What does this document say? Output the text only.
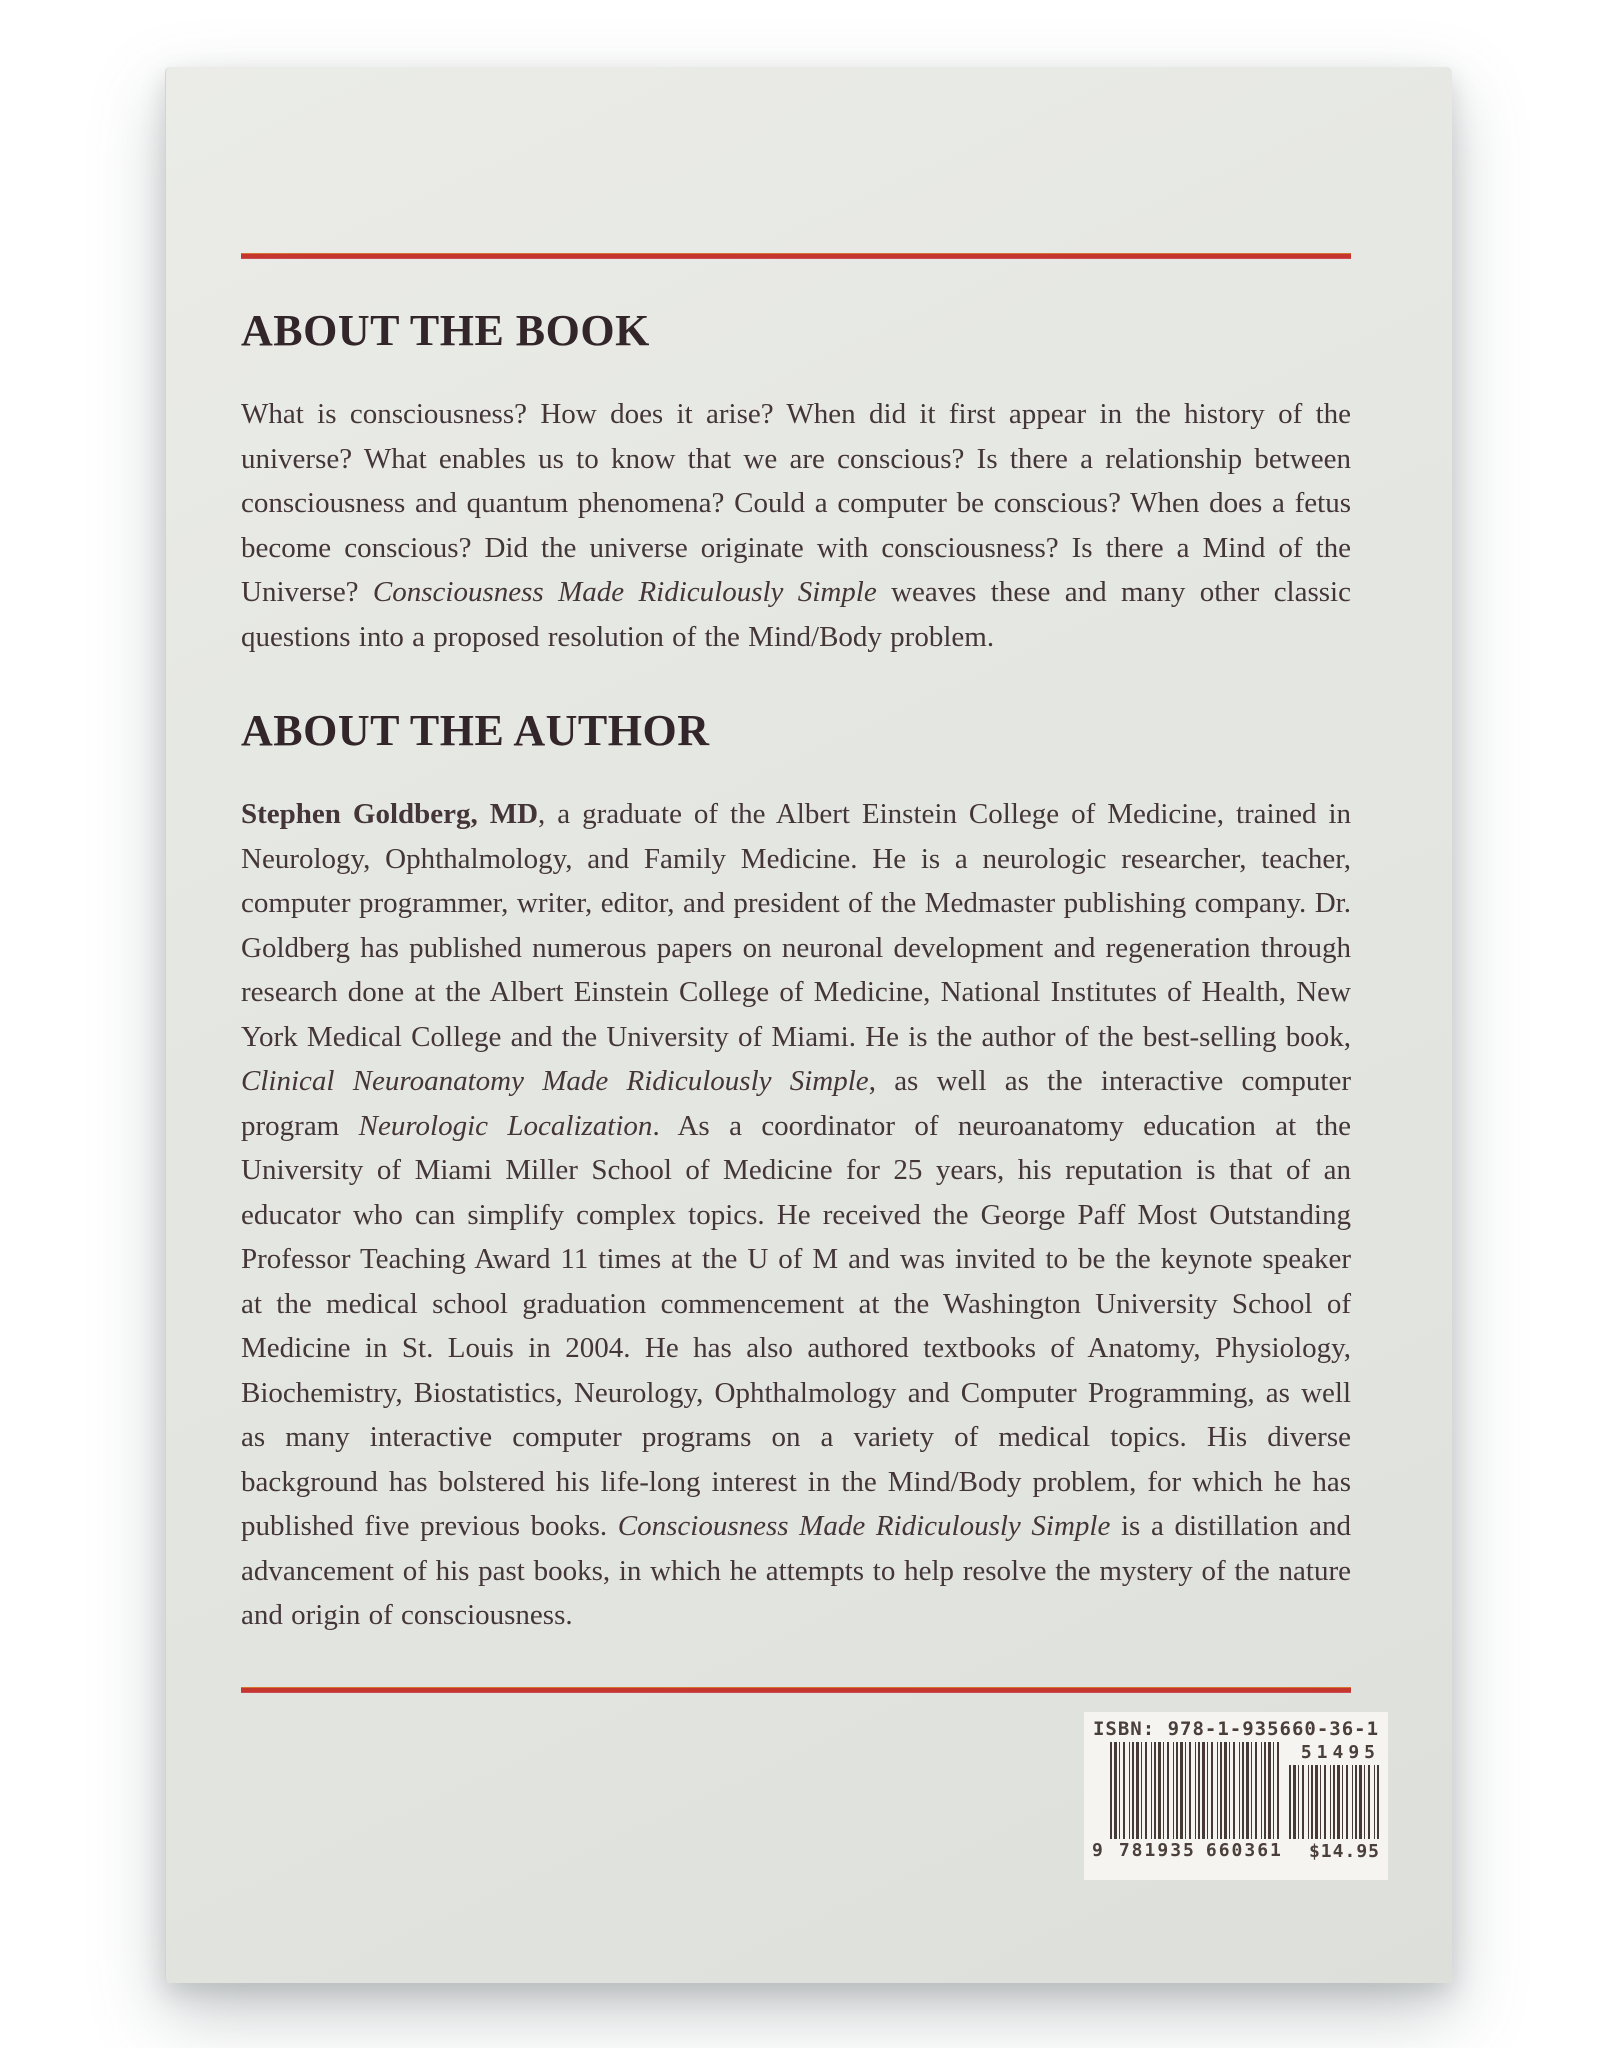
ABOUT THE BOOK

What is consciousness? How does it arise? When did it first appear in the history of the universe? What enables us to know that we are conscious? Is there a relationship between consciousness and quantum phenomena? Could a computer be conscious? When does a fetus become conscious? Did the universe originate with consciousness? Is there a Mind of the Universe? Consciousness Made Ridiculously Simple weaves these and many other classic questions into a proposed resolution of the Mind/Body problem.

ABOUT THE AUTHOR

Stephen Goldberg, MD, a graduate of the Albert Einstein College of Medicine, trained in Neurology, Ophthalmology, and Family Medicine. He is a neurologic researcher, teacher, computer programmer, writer, editor, and president of the Medmaster publishing company. Dr. Goldberg has published numerous papers on neuronal development and regeneration through research done at the Albert Einstein College of Medicine, National Institutes of Health, New York Medical College and the University of Miami. He is the author of the best-selling book, Clinical Neuroanatomy Made Ridiculously Simple, as well as the interactive computer program Neurologic Localization. As a coordinator of neuroanatomy education at the University of Miami Miller School of Medicine for 25 years, his reputation is that of an educator who can simplify complex topics. He received the George Paff Most Outstanding Professor Teaching Award 11 times at the U of M and was invited to be the keynote speaker at the medical school graduation commencement at the Washington University School of Medicine in St. Louis in 2004. He has also authored textbooks of Anatomy, Physiology, Biochemistry, Biostatistics, Neurology, Ophthalmology and Computer Programming, as well as many interactive computer programs on a variety of medical topics. His diverse background has bolstered his life-long interest in the Mind/Body problem, for which he has published five previous books. Consciousness Made Ridiculously Simple is a distillation and advancement of his past books, in which he attempts to help resolve the mystery of the nature and origin of consciousness.

ISBN: 978-1-935660-36-1
9 781935 660361
51495
$14.95
